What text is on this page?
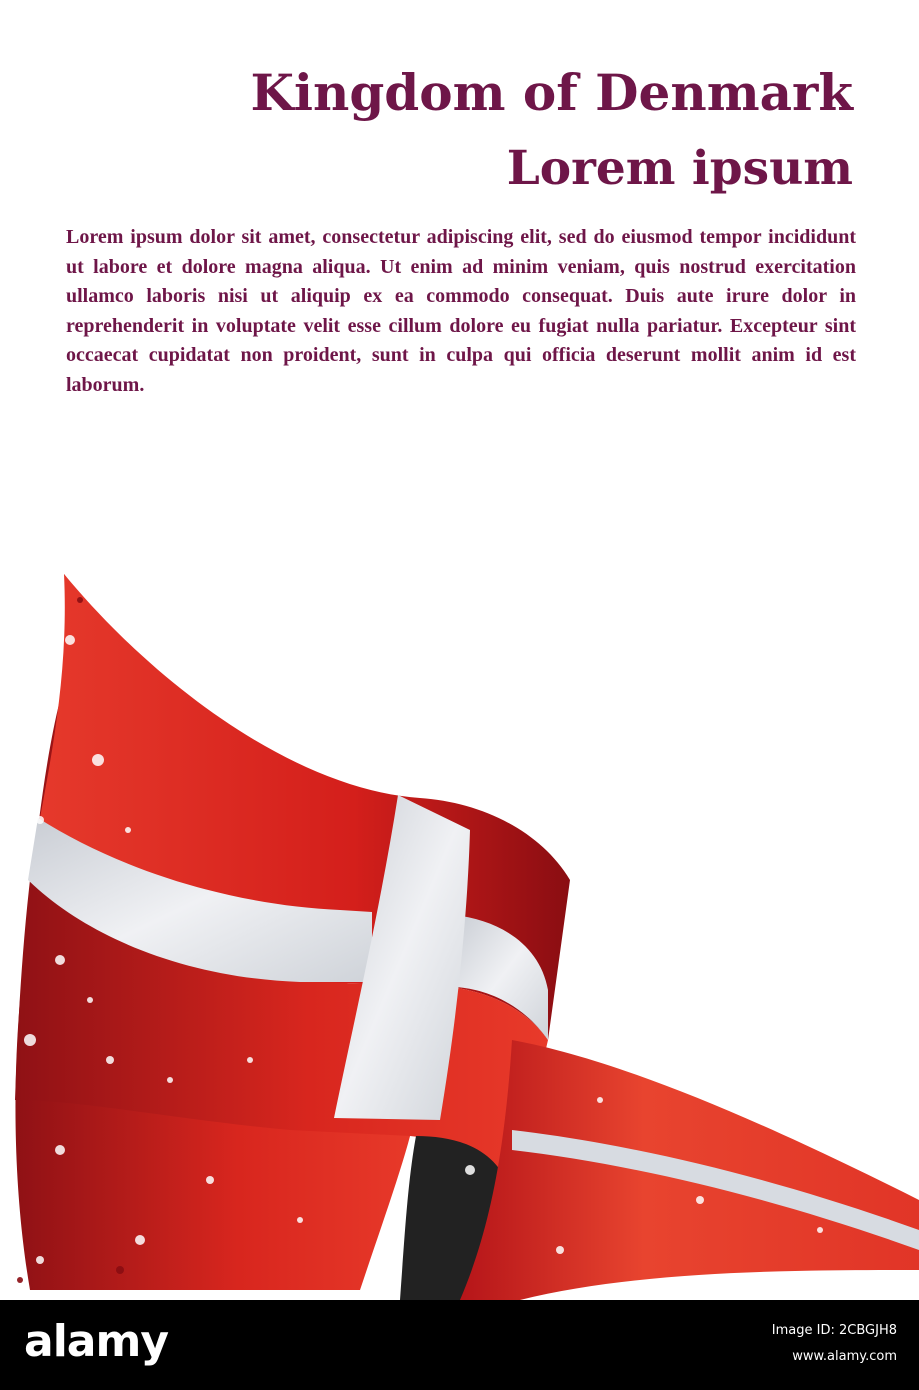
Kingdom of Denmark
Lorem ipsum

Lorem ipsum dolor sit amet, consectetur adipiscing elit, sed do eiusmod tempor incididunt ut labore et dolore magna aliqua. Ut enim ad minim veniam, quis nostrud exercitation ullamco laboris nisi ut aliquip ex ea commodo consequat. Duis aute irure dolor in reprehenderit in voluptate velit esse cillum dolore eu fugiat nulla pariatur. Excepteur sint occaecat cupidatat non proident, sunt in culpa qui officia deserunt mollit anim id est laborum.

alamy	Image ID: 2CBGJH8
www.alamy.com
